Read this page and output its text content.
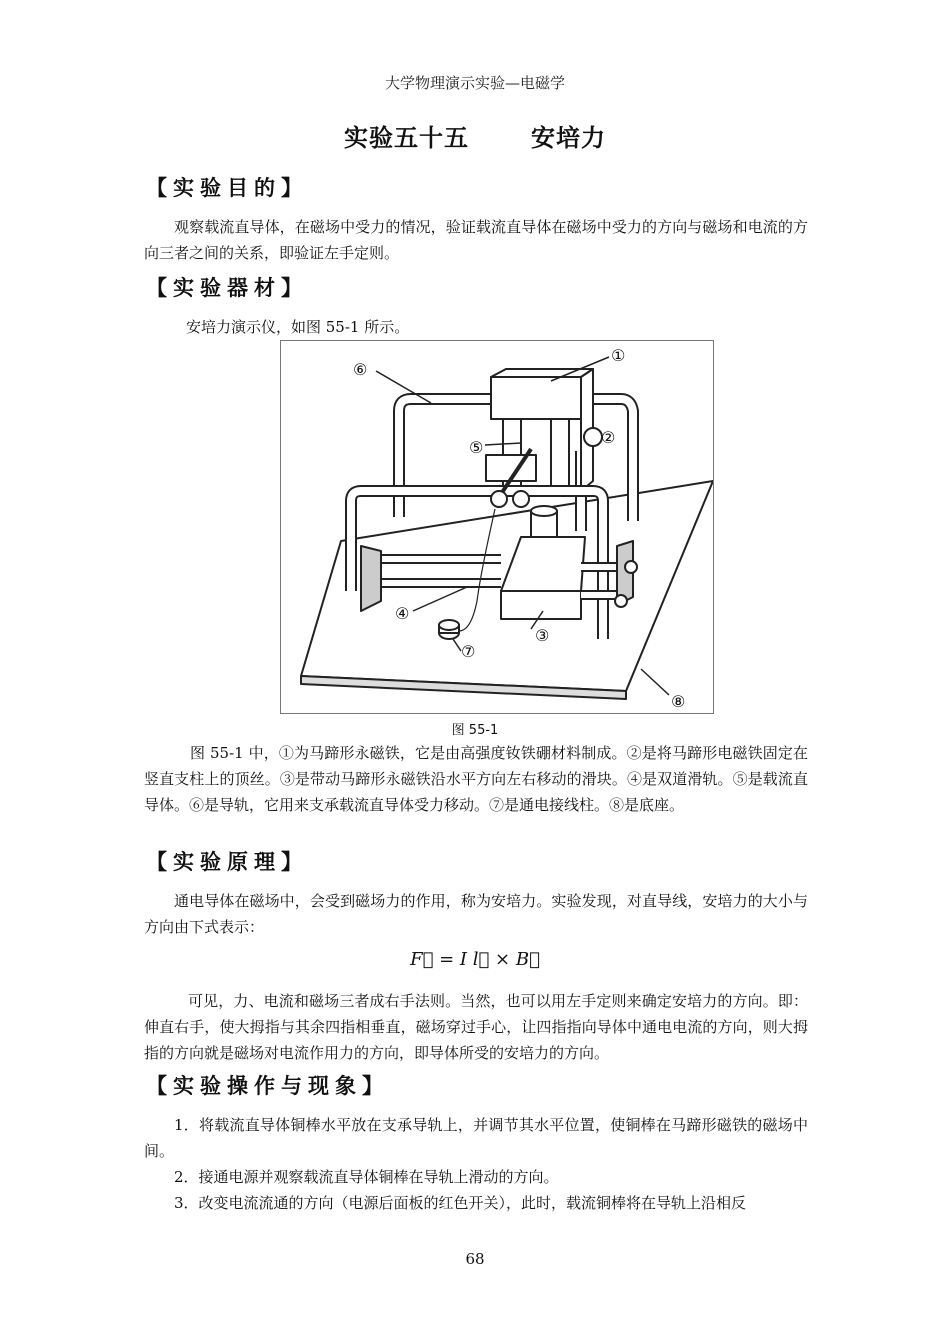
大学物理演示实验—电磁学
实验五十五	安培力
【实验目的】
观察载流直导体，在磁场中受力的情况，验证载流直导体在磁场中受力的方向与磁场和电流的方向三者之间的关系，即验证左手定则。
【实验器材】
安培力演示仪，如图 55-1 所示。
①
②
③
④
⑤
⑥
⑦
⑧
图 55-1
图 55-1 中，①为马蹄形永磁铁，它是由高强度钕铁硼材料制成。②是将马蹄形电磁铁固定在竖直支柱上的顶丝。③是带动马蹄形永磁铁沿水平方向左右移动的滑块。④是双道滑轨。⑤是载流直导体。⑥是导轨，它用来支承载流直导体受力移动。⑦是通电接线柱。⑧是底座。
【实验原理】
通电导体在磁场中，会受到磁场力的作用，称为安培力。实验发现，对直导线，安培力的大小与方向由下式表示：
F⃗ = I l⃗ × B⃗
可见，力、电流和磁场三者成右手法则。当然，也可以用左手定则来确定安培力的方向。即：伸直右手，使大拇指与其余四指相垂直，磁场穿过手心，让四指指向导体中通电电流的方向，则大拇指的方向就是磁场对电流作用力的方向，即导体所受的安培力的方向。
【实验操作与现象】
1．将载流直导体铜棒水平放在支承导轨上，并调节其水平位置，使铜棒在马蹄形磁铁的磁场中间。
2．接通电源并观察载流直导体铜棒在导轨上滑动的方向。
3．改变电流流通的方向（电源后面板的红色开关），此时，载流铜棒将在导轨上沿相反
68
